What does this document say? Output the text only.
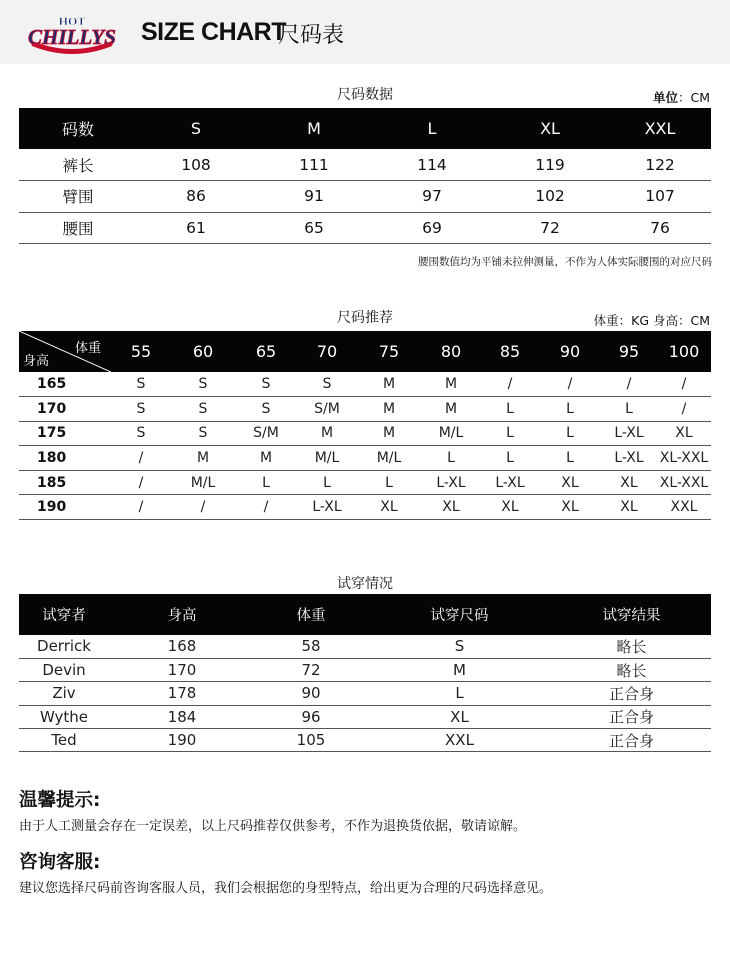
HOT
CHILLYS SIZE CHART
尺码表
尺码数据	单位：CM
码数	S	M	L	XL	XXL
裤长	108	111	114	119	122
臂围	86	91	97	102	107
腰围	61	65	69	72	76
腰围数值均为平铺未拉伸测量，不作为人体实际腰围的对应尺码
尺码推荐	体重：KG 身高：CM
体重
身高	55	60	65	70	75	80	85	90	95	100
165	S	S	S	S	M	M	/	/	/	/
170	S	S	S	S/M	M	M	L	L	L	/
175	S	S	S/M	M	M	M/L	L	L	L-XL	XL
180	/	M	M	M/L	M/L	L	L	L	L-XL	XL-XXL
185	/	M/L	L	L	L	L-XL	L-XL	XL	XL	XL-XXL
190	/	/	/	L-XL	XL	XL	XL	XL	XL	XXL
试穿情况
试穿者	身高	体重	试穿尺码	试穿结果
Derrick	168	58	S	略长
Devin	170	72	M	略长
Ziv	178	90	L	正合身
Wythe	184	96	XL	正合身
Ted	190	105	XXL	正合身
温馨提示:
由于人工测量会存在一定误差，以上尺码推荐仅供参考，不作为退换货依据，敬请谅解。
咨询客服:
建议您选择尺码前咨询客服人员，我们会根据您的身型特点，给出更为合理的尺码选择意见。
